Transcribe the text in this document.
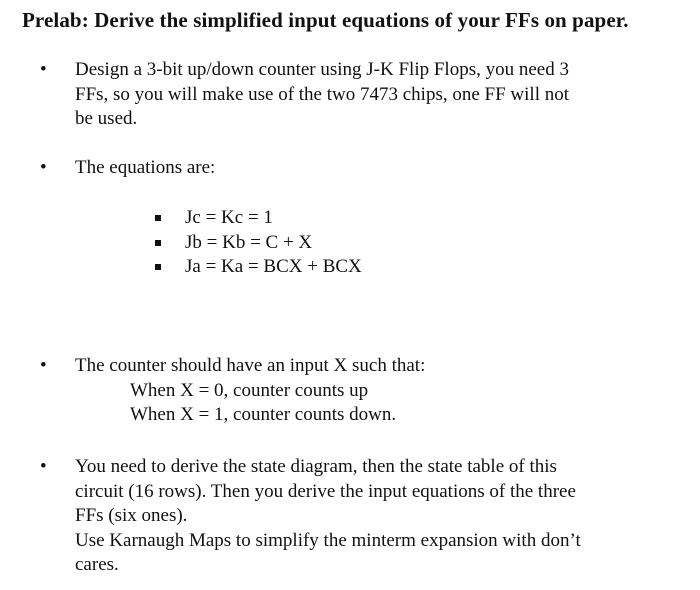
Prelab: Derive the simplified input equations of your FFs on paper.
•	Design a 3-bit up/down counter using J-K Flip Flops, you need 3
FFs, so you will make use of the two 7473 chips, one FF will not
be used.
•	The equations are:
Jc = Kc = 1
Jb = Kb = C + X
Ja = Ka = BCX + BCX
•	The counter should have an input X such that:
When X = 0, counter counts up
When X = 1, counter counts down.
•	You need to derive the state diagram, then the state table of this
circuit (16 rows). Then you derive the input equations of the three
FFs (six ones).
Use Karnaugh Maps to simplify the minterm expansion with don’t
cares.
